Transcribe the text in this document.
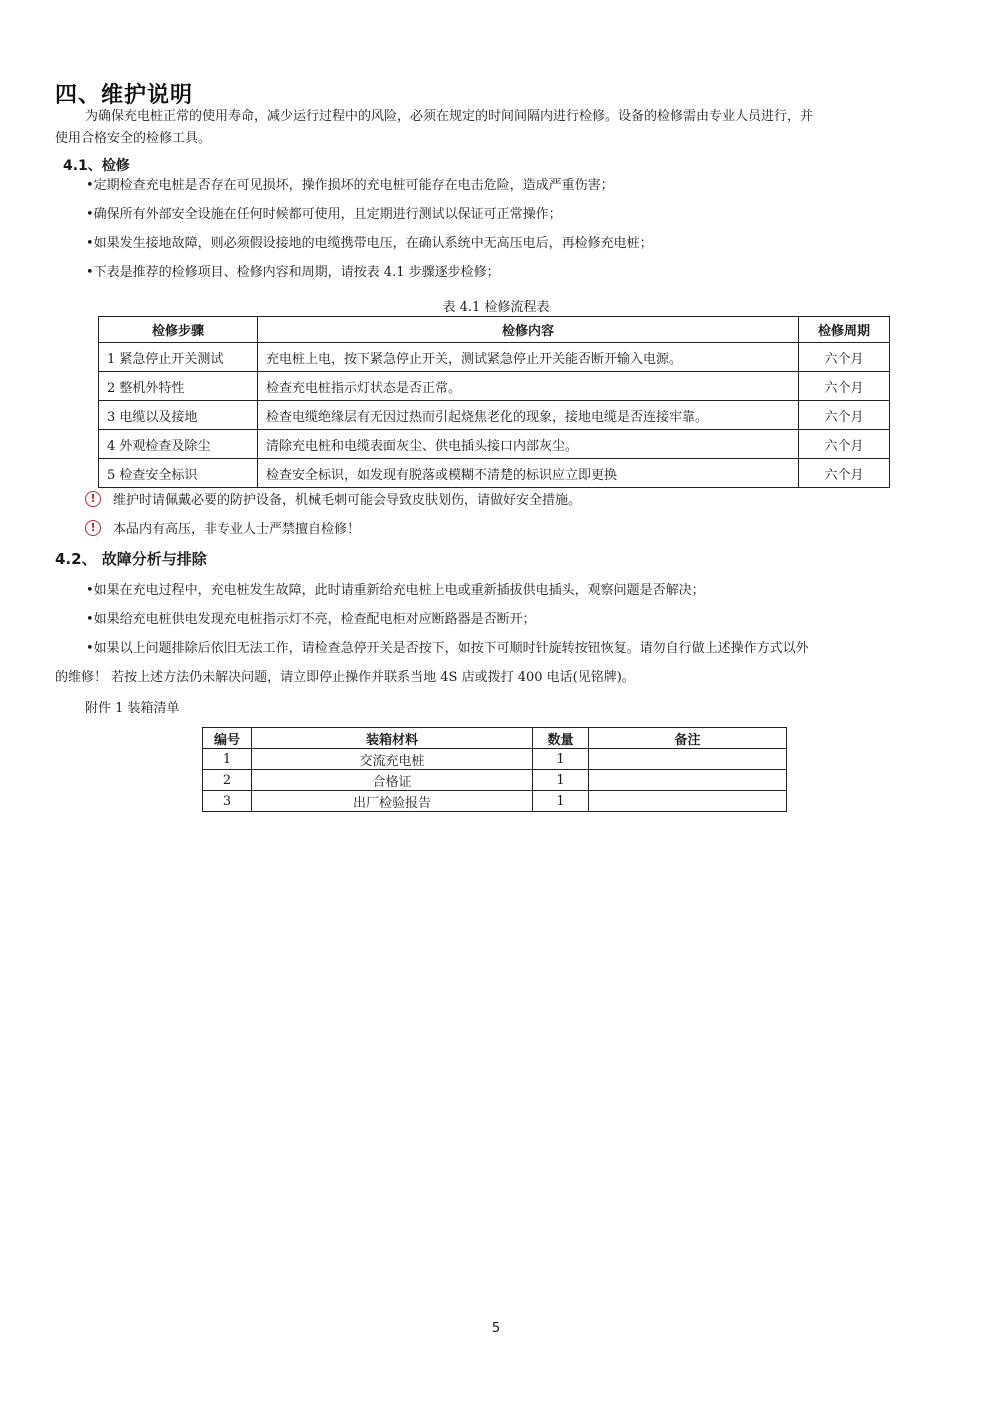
四、维护说明
为确保充电桩正常的使用寿命，减少运行过程中的风险，必须在规定的时间间隔内进行检修。设备的检修需由专业人员进行，并
使用合格安全的检修工具。
4.1、检修
•定期检查充电桩是否存在可见损坏，操作损坏的充电桩可能存在电击危险，造成严重伤害；
•确保所有外部安全设施在任何时候都可使用，且定期进行测试以保证可正常操作；
•如果发生接地故障，则必须假设接地的电缆携带电压，在确认系统中无高压电后，再检修充电桩；
•下表是推荐的检修项目、检修内容和周期，请按表 4.1 步骤逐步检修；
表 4.1 检修流程表
检修步骤	检修内容	检修周期
1 紧急停止开关测试	充电桩上电，按下紧急停止开关，测试紧急停止开关能否断开输入电源。	六个月
2 整机外特性	检查充电桩指示灯状态是否正常。	六个月
3 电缆以及接地	检查电缆绝缘层有无因过热而引起烧焦老化的现象，接地电缆是否连接牢靠。	六个月
4 外观检查及除尘	清除充电桩和电缆表面灰尘、供电插头接口内部灰尘。	六个月
5 检查安全标识	检查安全标识，如发现有脱落或模糊不清楚的标识应立即更换	六个月
!	维护时请佩戴必要的防护设备，机械毛刺可能会导致皮肤划伤，请做好安全措施。
!	本品内有高压，非专业人士严禁擅自检修！
4.2、 故障分析与排除
•如果在充电过程中，充电桩发生故障，此时请重新给充电桩上电或重新插拔供电插头，观察问题是否解决；
•如果给充电桩供电发现充电桩指示灯不亮，检查配电柜对应断路器是否断开；
•如果以上问题排除后依旧无法工作，请检查急停开关是否按下，如按下可顺时针旋转按钮恢复。请勿自行做上述操作方式以外
的维修！ 若按上述方法仍未解决问题，请立即停止操作并联系当地 4S 店或拨打 400 电话(见铭牌)。
附件 1 装箱清单
编号	装箱材料	数量	备注
1	交流充电桩	1	
2	合格证	1	
3	出厂检验报告	1	
5
